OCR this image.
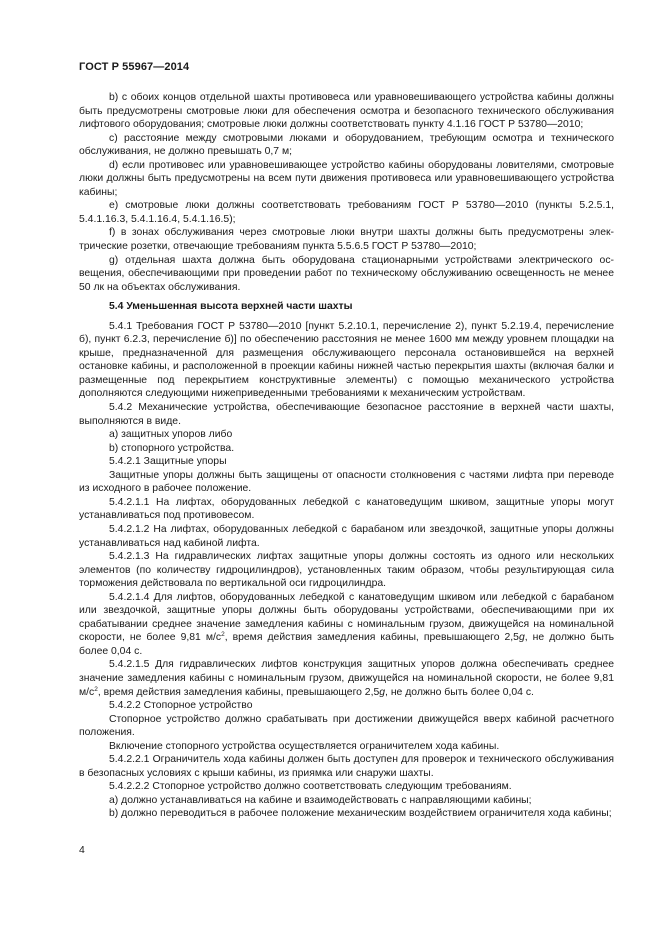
ГОСТ Р 55967—2014

b) с обоих концов отдельной шахты противовеса или уравновешивающего устройства кабины должны быть предусмотрены смотровые люки для обеспечения осмотра и безопасного технического обслуживания лифтового оборудования; смотровые люки должны соответствовать пункту 4.1.16 ГОСТ Р 53780—2010;

c) расстояние между смотровыми люками и оборудованием, требующим осмотра и технического обслуживания, не должно превышать 0,7 м;

d) если противовес или уравновешивающее устройство кабины оборудованы ловителями, смотровые люки должны быть предусмотрены на всем пути движения противовеса или уравновешивающего устройства кабины;

e) смотровые люки должны соответствовать требованиям ГОСТ Р 53780—2010 (пункты 5.2.5.1, 5.4.1.16.3, 5.4.1.16.4, 5.4.1.16.5);

f) в зонах обслуживания через смотровые люки внутри шахты должны быть предусмотрены электрические розетки, отвечающие требованиям пункта 5.5.6.5 ГОСТ Р 53780—2010;

g) отдельная шахта должна быть оборудована стационарными устройствами электрического освещения, обеспечивающими при проведении работ по техническому обслуживанию освещенность не менее 50 лк на объектах обслуживания.

5.4 Уменьшенная высота верхней части шахты

5.4.1 Требования ГОСТ Р 53780—2010 [пункт 5.2.10.1, перечисление 2), пункт 5.2.19.4, перечисление б), пункт 6.2.3, перечисление б)] по обеспечению расстояния не менее 1600 мм между уровнем площадки на крыше, предназначенной для размещения обслуживающего персонала остановившейся на верхней остановке кабины, и расположенной в проекции кабины нижней частью перекрытия шахты (включая балки и размещенные под перекрытием конструктивные элементы) с помощью механического устройства дополняются следующими нижеприведенными требованиями к механическим устройствам.

5.4.2 Механические устройства, обеспечивающие безопасное расстояние в верхней части шахты, выполняются в виде.

a) защитных упоров либо

b) стопорного устройства.

5.4.2.1 Защитные упоры

Защитные упоры должны быть защищены от опасности столкновения с частями лифта при переводе из исходного в рабочее положение.

5.4.2.1.1 На лифтах, оборудованных лебедкой с канатоведущим шкивом, защитные упоры могут устанавливаться под противовесом.

5.4.2.1.2 На лифтах, оборудованных лебедкой с барабаном или звездочкой, защитные упоры должны устанавливаться над кабиной лифта.

5.4.2.1.3 На гидравлических лифтах защитные упоры должны состоять из одного или нескольких элементов (по количеству гидроцилиндров), установленных таким образом, чтобы результирующая сила торможения действовала по вертикальной оси гидроцилиндра.

5.4.2.1.4 Для лифтов, оборудованных лебедкой с канатоведущим шкивом или лебедкой с барабаном или звездочкой, защитные упоры должны быть оборудованы устройствами, обеспечивающими при их срабатывании среднее значение замедления кабины с номинальным грузом, движущейся на номинальной скорости, не более 9,81 $м/с^2$, время действия замедления кабины, превышающего 2,5g, не должно быть более 0,04 с.

5.4.2.1.5 Для гидравлических лифтов конструкция защитных упоров должна обеспечивать среднее значение замедления кабины с номинальным грузом, движущейся на номинальной скорости, не более 9,81 $м/с^2$, время действия замедления кабины, превышающего 2,5g, не должно быть более 0,04 с.

5.4.2.2 Стопорное устройство

Стопорное устройство должно срабатывать при достижении движущейся вверх кабиной расчетного положения.

Включение стопорного устройства осуществляется ограничителем хода кабины.

5.4.2.2.1 Ограничитель хода кабины должен быть доступен для проверок и технического обслуживания в безопасных условиях с крыши кабины, из приямка или снаружи шахты.

5.4.2.2.2 Стопорное устройство должно соответствовать следующим требованиям.

a) должно устанавливаться на кабине и взаимодействовать с направляющими кабины;

b) должно переводиться в рабочее положение механическим воздействием ограничителя хода кабины;

4
